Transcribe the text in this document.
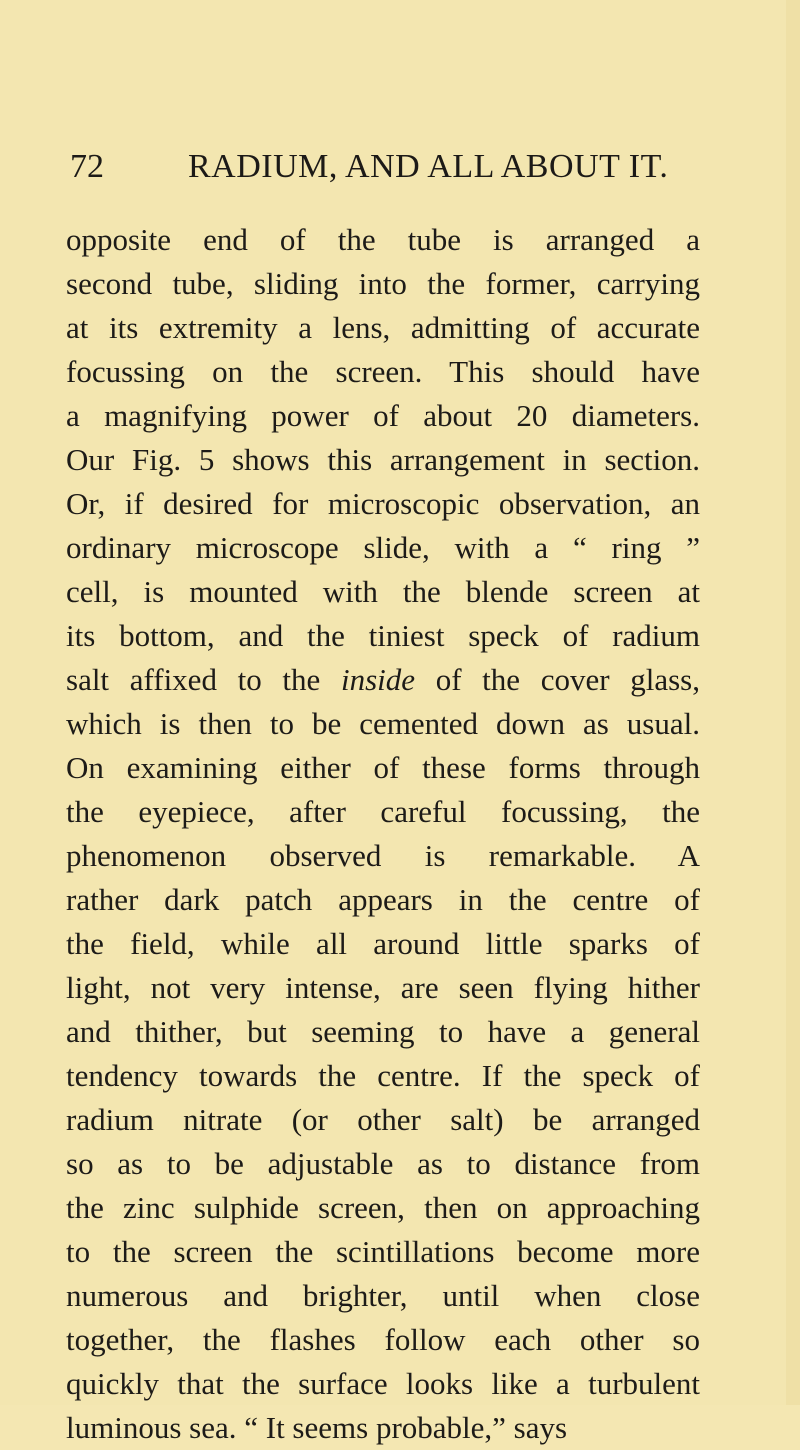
72 RADIUM, AND ALL ABOUT IT.
opposite end of the tube is arranged a
second tube, sliding into the former, carrying
at its extremity a lens, admitting of accurate
focussing on the screen. This should have
a magnifying power of about 20 diameters.
Our Fig. 5 shows this arrangement in section.
Or, if desired for microscopic observation, an
ordinary microscope slide, with a “ ring ”
cell, is mounted with the blende screen at
its bottom, and the tiniest speck of radium
salt affixed to the inside of the cover glass,
which is then to be cemented down as usual.
On examining either of these forms through
the eyepiece, after careful focussing, the
phenomenon observed is remarkable. A
rather dark patch appears in the centre of
the field, while all around little sparks of
light, not very intense, are seen flying hither
and thither, but seeming to have a general
tendency towards the centre. If the speck of
radium nitrate (or other salt) be arranged
so as to be adjustable as to distance from
the zinc sulphide screen, then on approaching
to the screen the scintillations become more
numerous and brighter, until when close
together, the flashes follow each other so
quickly that the surface looks like a turbulent
luminous sea. “ It seems probable,” says
